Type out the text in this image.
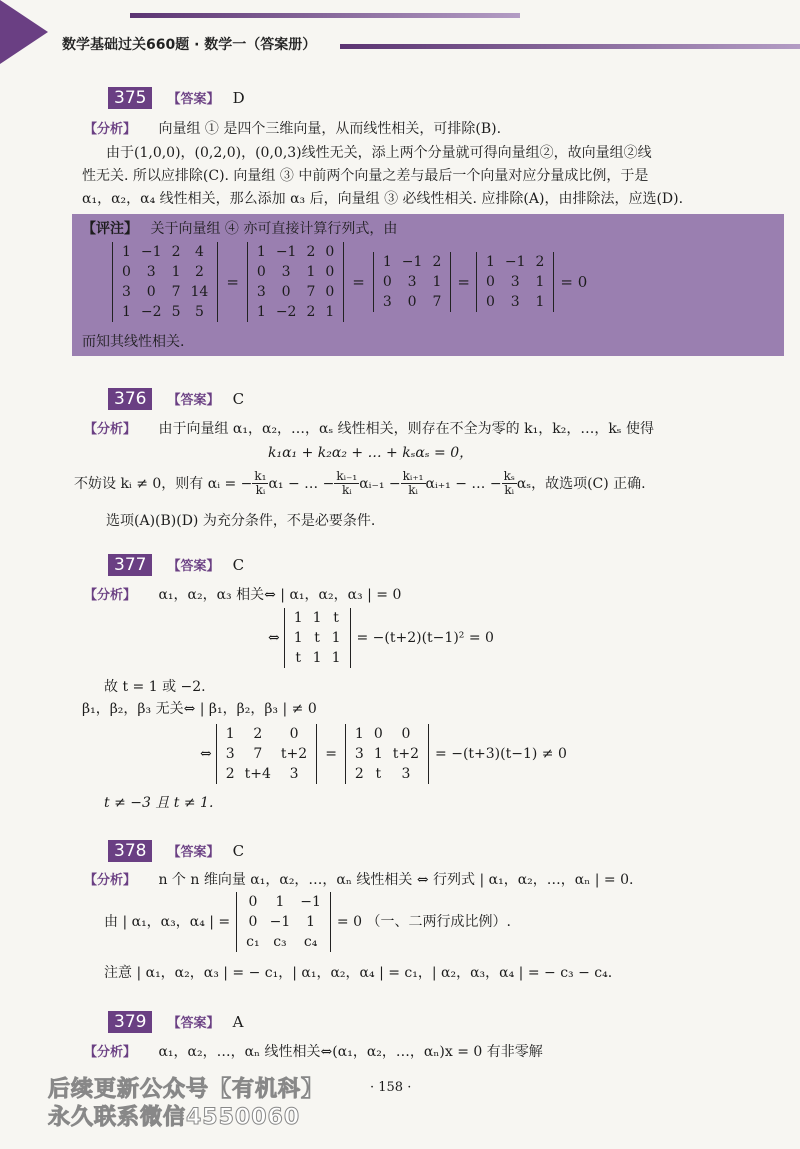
数学基础过关660题 · 数学一（答案册）
375 【答案】 D
【分析】 向量组 ① 是四个三维向量，从而线性相关，可排除(B).
由于(1,0,0)，(0,2,0)，(0,0,3)线性无关，添上两个分量就可得向量组②，故向量组②线
性无关. 所以应排除(C). 向量组 ③ 中前两个向量之差与最后一个向量对应分量成比例，于是
α₁，α₂，α₄ 线性相关，那么添加 α₃ 后，向量组 ③ 必线性相关. 应排除(A)，由排除法，应选(D).
【评注】 关于向量组 ④ 亦可直接计算行列式，由
1	−1	2	4
0	3	1	2
3	0	7	14
1	−2	5	5
=
1	−1	2	0
0	3	1	0
3	0	7	0
1	−2	2	1
=
1	−1	2
0	3	1
3	0	7
=
1	−1	2
0	3	1
0	3	1
= 0
而知其线性相关.
376 【答案】 C
【分析】 由于向量组 α₁，α₂，…，αₛ 线性相关，则存在不全为零的 k₁，k₂，…，kₛ 使得
k₁α₁ + k₂α₂ + … + kₛαₛ = 0，
不妨设 kᵢ ≠ 0，则有 αᵢ = − $\frac{\text{k₁}}{\text{kᵢ}} \alpha_1$ − … − $\frac{\text{kᵢ₋₁}}{\text{kᵢ}}$ αᵢ₋₁ − $\frac{\text{kᵢ₊₁}}{\text{kᵢ}}$ αᵢ₊₁ − … − $\frac{\text{kₛ}}{\text{kᵢ}}$ αₛ，故选项(C) 正确.
选项(A)(B)(D) 为充分条件，不是必要条件.
377 【答案】 C
【分析】 α₁，α₂，α₃ 相关⇔ | α₁，α₂，α₃ | = 0
⇔
1	1	t
1	t	1
t	1	1
= −(t+2)(t−1)² = 0
故 t = 1 或 −2.
β₁，β₂，β₃ 无关⇔ | β₁，β₂，β₃ | ≠ 0
⇔
1	2	0
3	7	t+2
2	t+4	3
=
1	0	0
3	1	t+2
2	t	3
= −(t+3)(t−1) ≠ 0
t ≠ −3 且 t ≠ 1.
378 【答案】 C
【分析】 n 个 n 维向量 α₁，α₂，…，αₙ 线性相关 ⇔ 行列式 | α₁，α₂，…，αₙ | = 0.
由 | α₁，α₃，α₄ | =
0	1	−1
0	−1	1
c₁	c₃	c₄
= 0 （一、二两行成比例）.
注意 | α₁，α₂，α₃ | = − c₁，| α₁，α₂，α₄ | = c₁，| α₂，α₃，α₄ | = − c₃ − c₄.
379 【答案】 A
【分析】 α₁，α₂，…，αₙ 线性相关⇔(α₁，α₂，…，αₙ)x = 0 有非零解
· 158 ·
后续更新公众号【有机科】
永久联系微信4550060
